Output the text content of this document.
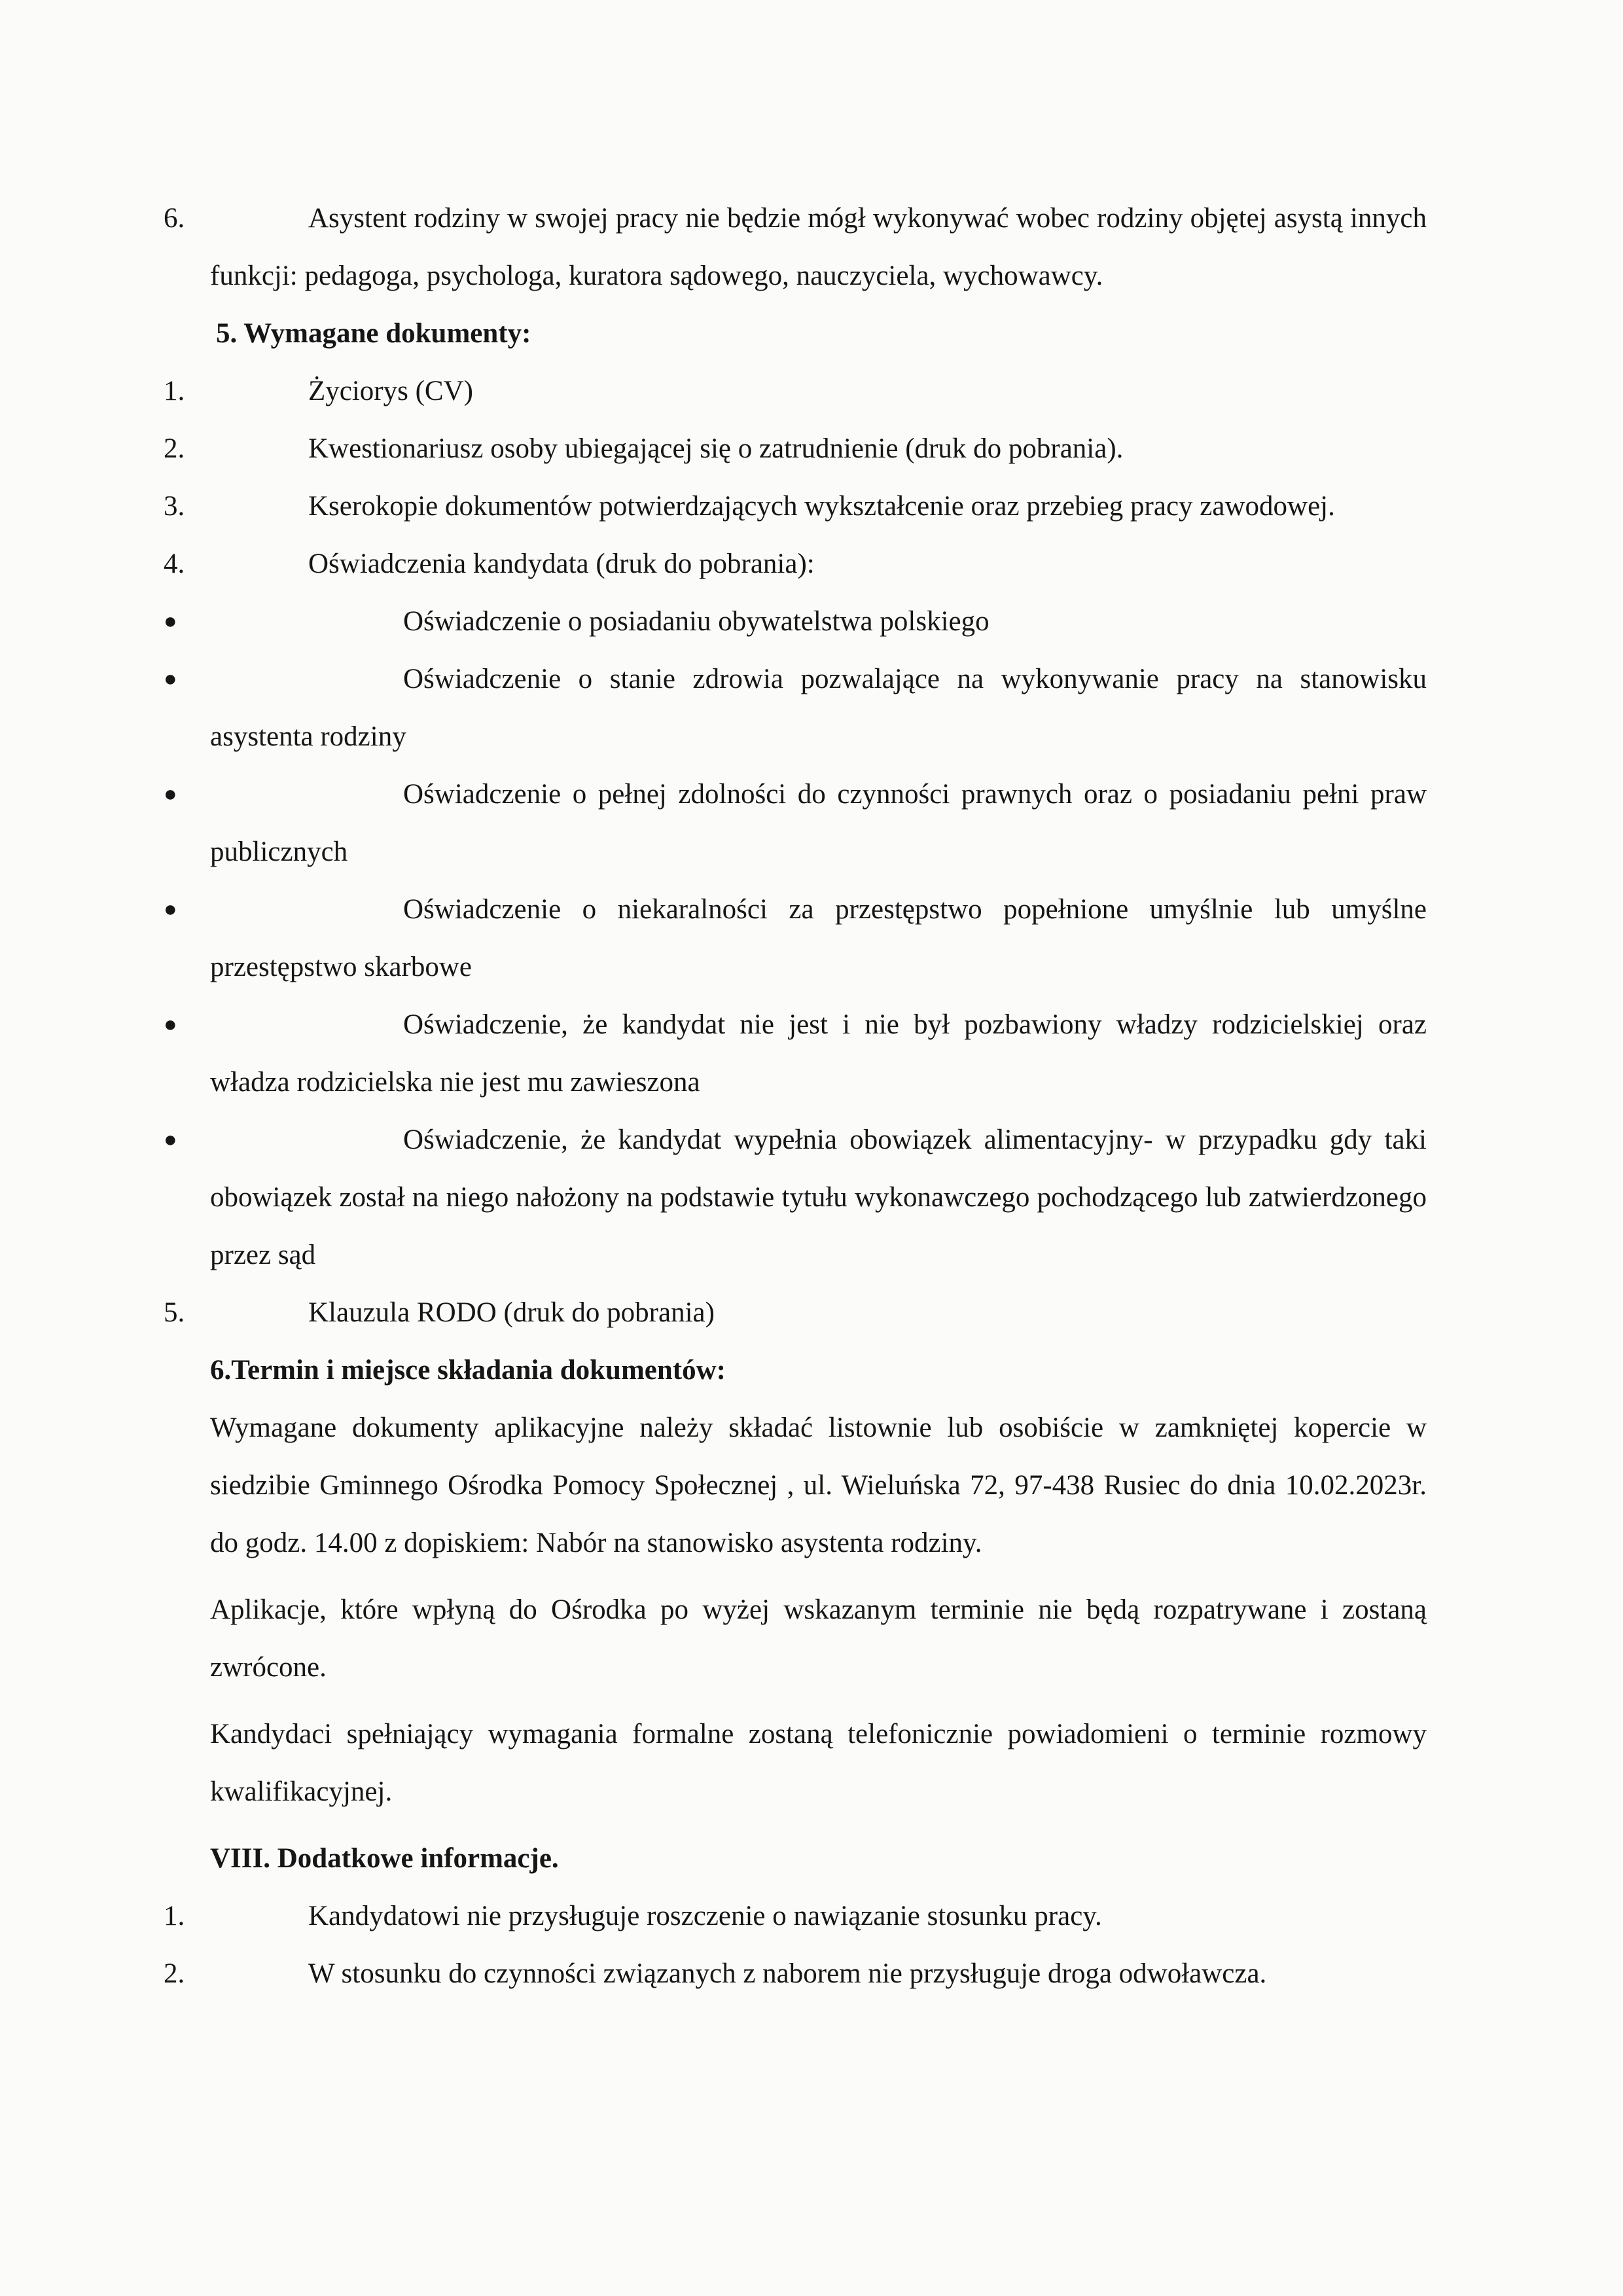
6.	Asystent rodziny w swojej pracy nie będzie mógł wykonywać wobec rodziny objętej asystą innych funkcji: pedagoga, psychologa, kuratora sądowego, nauczyciela, wychowawcy.
5. Wymagane dokumenty:
1.	Życiorys (CV)
2.	Kwestionariusz osoby ubiegającej się o zatrudnienie (druk do pobrania).
3.	Kserokopie dokumentów potwierdzających wykształcenie oraz przebieg pracy zawodowej.
4.	Oświadczenia kandydata (druk do pobrania):
●	Oświadczenie o posiadaniu obywatelstwa polskiego
●	Oświadczenie o stanie zdrowia pozwalające na wykonywanie pracy na stanowisku asystenta rodziny
●	Oświadczenie o pełnej zdolności do czynności prawnych oraz o posiadaniu pełni praw publicznych
●	Oświadczenie o niekaralności za przestępstwo popełnione umyślnie lub umyślne przestępstwo skarbowe
●	Oświadczenie, że kandydat nie jest i nie był pozbawiony władzy rodzicielskiej oraz władza rodzicielska nie jest mu zawieszona
●	Oświadczenie, że kandydat wypełnia obowiązek alimentacyjny- w przypadku gdy taki obowiązek został na niego nałożony na podstawie tytułu wykonawczego pochodzącego lub zatwierdzonego przez sąd
5.	Klauzula RODO (druk do pobrania)
6.Termin i miejsce składania dokumentów:
Wymagane dokumenty aplikacyjne należy składać listownie lub osobiście w zamkniętej kopercie w siedzibie Gminnego Ośrodka Pomocy Społecznej , ul. Wieluńska 72, 97-438 Rusiec do dnia 10.02.2023r. do godz. 14.00 z dopiskiem: Nabór na stanowisko asystenta rodziny.
Aplikacje, które wpłyną do Ośrodka po wyżej wskazanym terminie nie będą rozpatrywane i zostaną zwrócone.
Kandydaci spełniający wymagania formalne zostaną telefonicznie powiadomieni o terminie rozmowy kwalifikacyjnej.
VIII. Dodatkowe informacje.
1.	Kandydatowi nie przysługuje roszczenie o nawiązanie stosunku pracy.
2.	W stosunku do czynności związanych z naborem nie przysługuje droga odwoławcza.
